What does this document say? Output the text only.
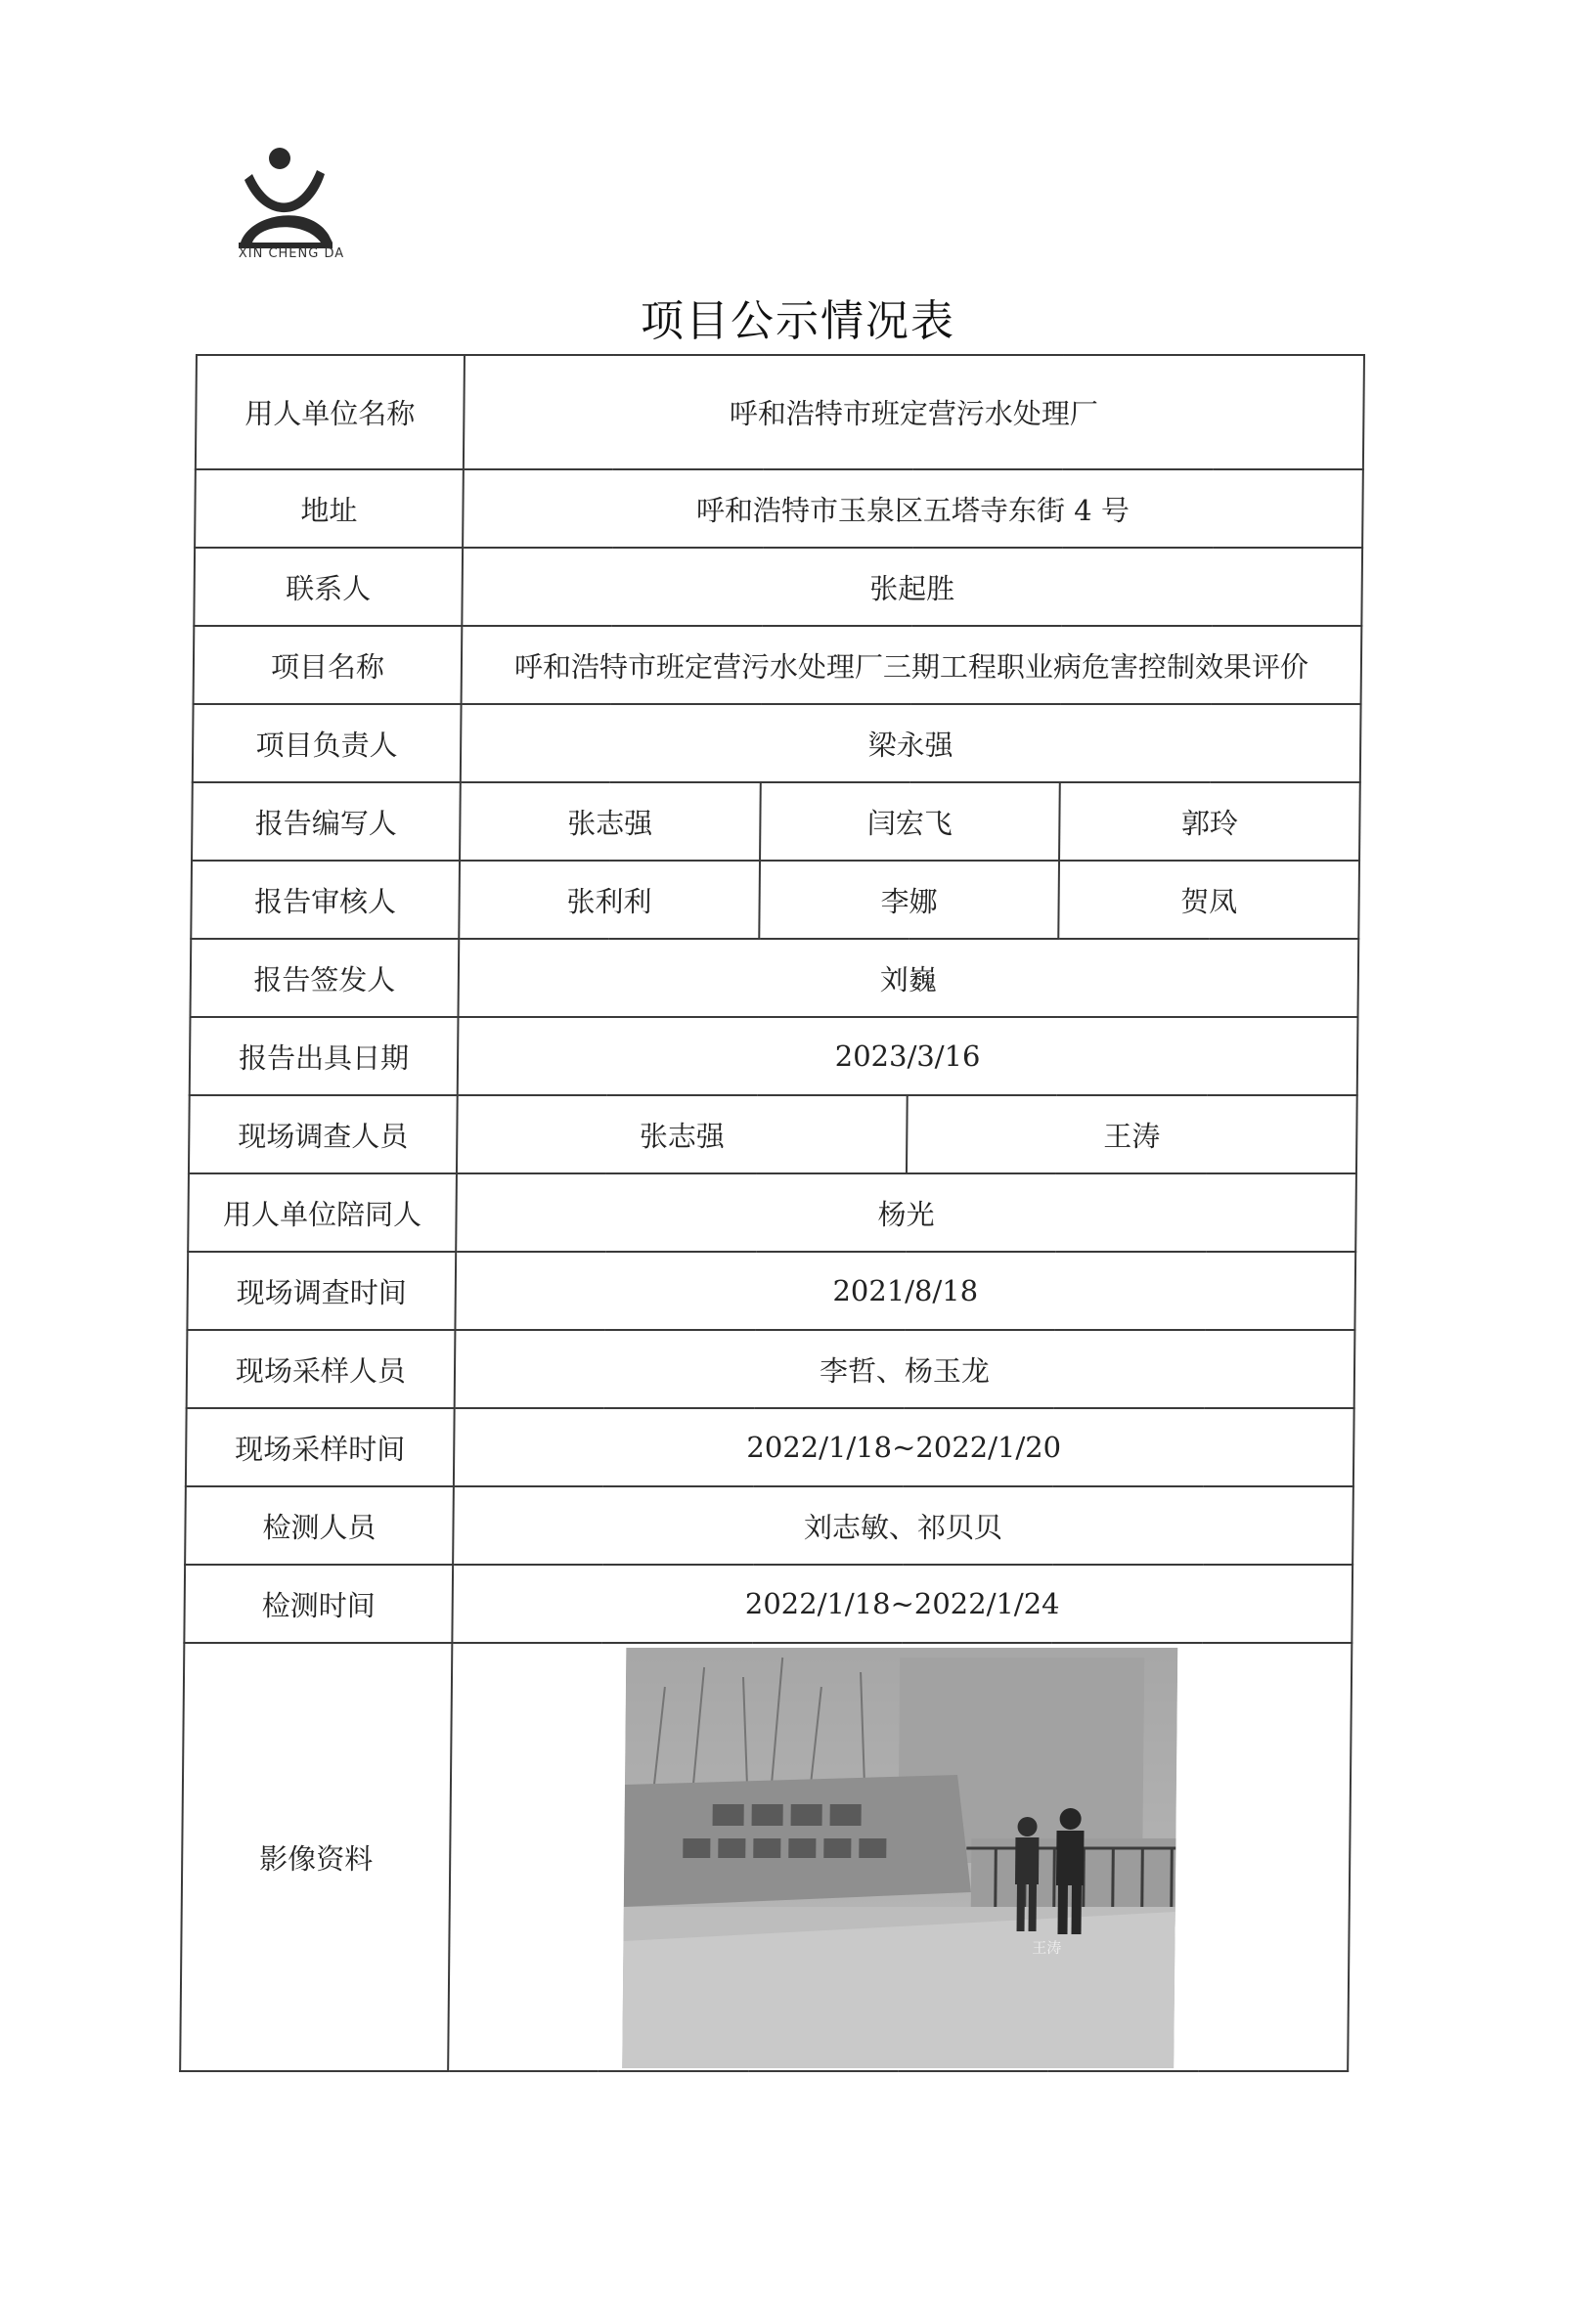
XIN CHENG DA
项目公示情况表
用人单位名称	呼和浩特市班定营污水处理厂			
地址	呼和浩特市玉泉区五塔寺东街 4 号			
联系人	张起胜			
项目名称	呼和浩特市班定营污水处理厂三期工程职业病危害控制效果评价			
项目负责人	梁永强			
报告编写人	张志强	闫宏飞		郭玲
报告审核人	张利利	李娜		贺凤
报告签发人	刘巍			
报告出具日期	2023/3/16			
现场调查人员	张志强		王涛	
用人单位陪同人	杨光			
现场调查时间	2021/8/18			
现场采样人员	李哲、杨玉龙			
现场采样时间	2022/1/18~2022/1/20			
检测人员	刘志敏、祁贝贝			
检测时间	2022/1/18~2022/1/24			
影像资料	王涛			
